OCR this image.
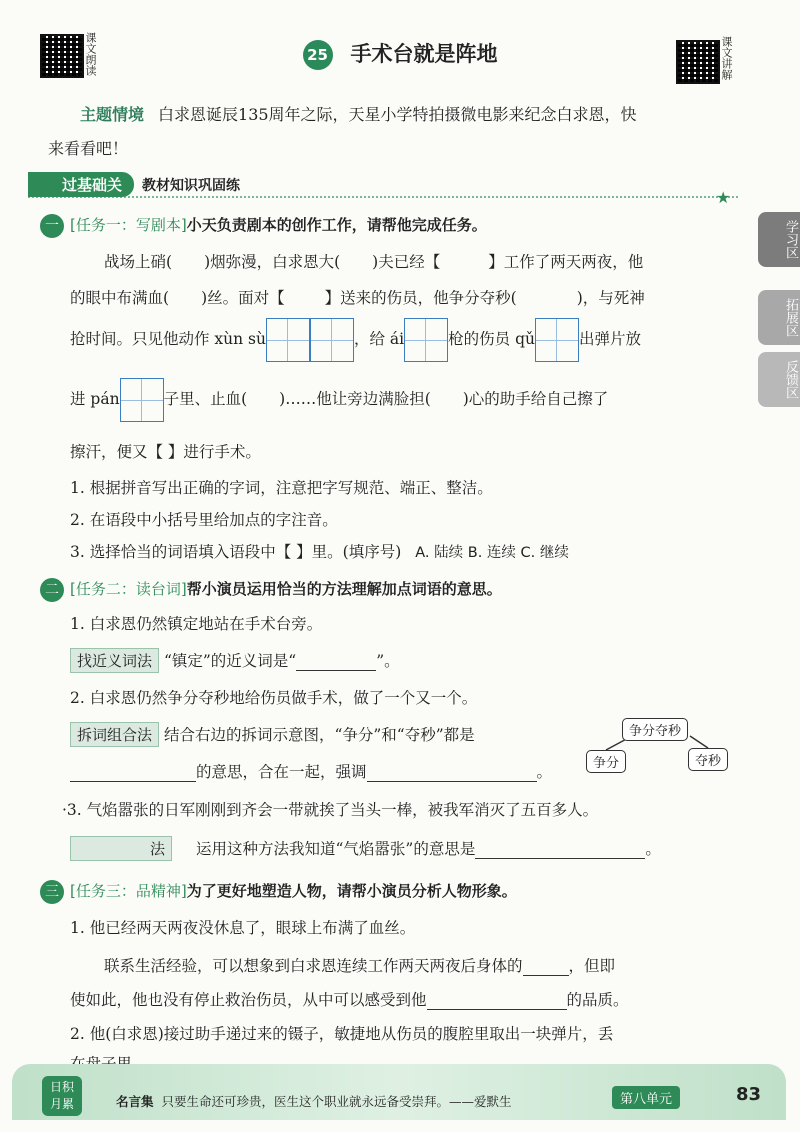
课文朗读	25 手术台就是阵地	课文讲解
主题情境 白求恩诞辰135周年之际，天星小学特拍摄微电影来纪念白求恩，快
来看看吧！
过基础关 教材知识巩固练
★
学习区
拓展区
反馈区
一 [任务一：写剧本]小天负责剧本的创作工作，请帮他完成任务。
战场上硝( )烟弥漫，白求恩大( )夫已经【	】工作了两天两夜，他
的眼中布满血( )丝。面对【	】送来的伤员，他争分夺秒(	)，与死神
抢时间。只见他动作 xùn sù	，给 ái	枪的伤员 qǔ	出弹片放
进 pán	子里、止血( )……他让旁边满脸担( )心的助手给自己擦了
擦汗，便又【 】进行手术。
1. 根据拼音写出正确的字词，注意把字写规范、端正、整洁。
2. 在语段中小括号里给加点的字注音。
3. 选择恰当的词语填入语段中【 】里。(填序号) A. 陆续 B. 连续 C. 继续
二 [任务二：读台词]帮小演员运用恰当的方法理解加点词语的意思。
1. 白求恩仍然镇定地站在手术台旁。
找近义词法 “镇定”的近义词是“	”。
2. 白求恩仍然争分夺秒地给伤员做手术，做了一个又一个。
拆词组合法 结合右边的拆词示意图，“争分”和“夺秒”都是
的意思，合在一起，强调	。
争分夺秒
争分	夺秒
·3. 气焰嚣张的日军刚刚到齐会一带就挨了当头一棒，被我军消灭了五百多人。
法 运用这种方法我知道“气焰嚣张”的意思是	。
三 [任务三：品精神]为了更好地塑造人物，请帮小演员分析人物形象。
1. 他已经两天两夜没休息了，眼球上布满了血丝。
联系生活经验，可以想象到白求恩连续工作两天两夜后身体的	，但即
使如此，他也没有停止救治伤员，从中可以感受到他	的品质。
2. 他(白求恩)接过助手递过来的镊子，敏捷地从伤员的腹腔里取出一块弹片，丢
日积
月累	名言集 只要生命还可珍贵，医生这个职业就永远备受崇拜。——爱默生	第八单元	83
